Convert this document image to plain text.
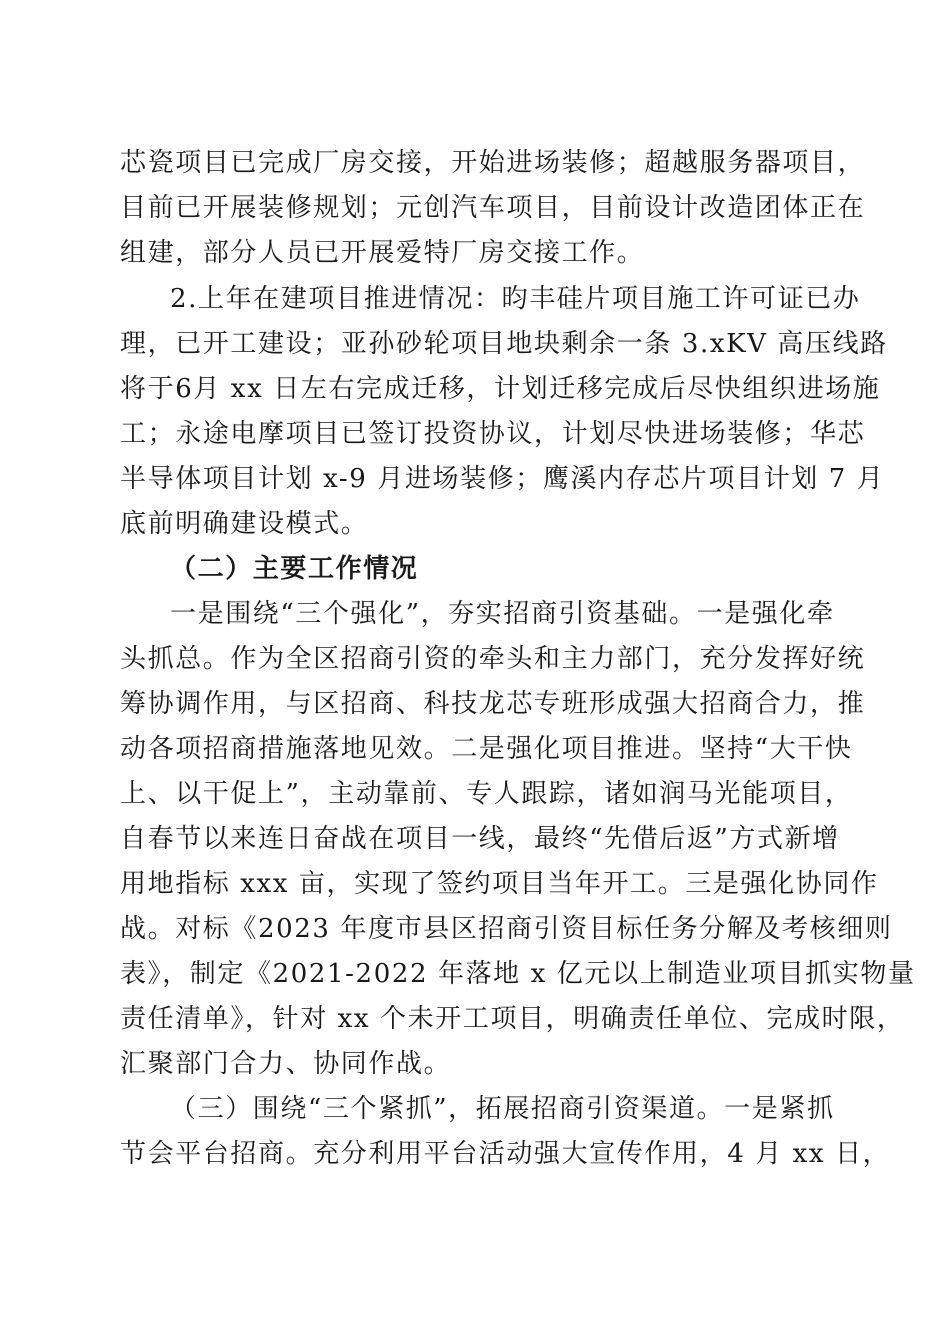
芯瓷项目已完成厂房交接，开始进场装修；超越服务器项目，
目前已开展装修规划；元创汽车项目，目前设计改造团体正在
组建，部分人员已开展爱特厂房交接工作。
2.上年在建项目推进情况：昀丰硅片项目施工许可证已办
理，已开工建设；亚孙砂轮项目地块剩余一条 3.xKV 高压线路
将于6月 xx 日左右完成迁移，计划迁移完成后尽快组织进场施
工；永途电摩项目已签订投资协议，计划尽快进场装修；华芯
半导体项目计划 x-9 月进场装修；鹰溪内存芯片项目计划 7 月
底前明确建设模式。
（二）主要工作情况
一是围绕“三个强化”，夯实招商引资基础。一是强化牵
头抓总。作为全区招商引资的牵头和主力部门，充分发挥好统
筹协调作用，与区招商、科技龙芯专班形成强大招商合力，推
动各项招商措施落地见效。二是强化项目推进。坚持“大干快
上、以干促上”，主动靠前、专人跟踪，诸如润马光能项目，
自春节以来连日奋战在项目一线，最终“先借后返”方式新增
用地指标 xxx 亩，实现了签约项目当年开工。三是强化协同作
战。对标《2023 年度市县区招商引资目标任务分解及考核细则
表》，制定《2021-2022 年落地 x 亿元以上制造业项目抓实物量
责任清单》，针对 xx 个未开工项目，明确责任单位、完成时限，
汇聚部门合力、协同作战。
（三）围绕“三个紧抓”，拓展招商引资渠道。一是紧抓
节会平台招商。充分利用平台活动强大宣传作用，4 月 xx 日，
